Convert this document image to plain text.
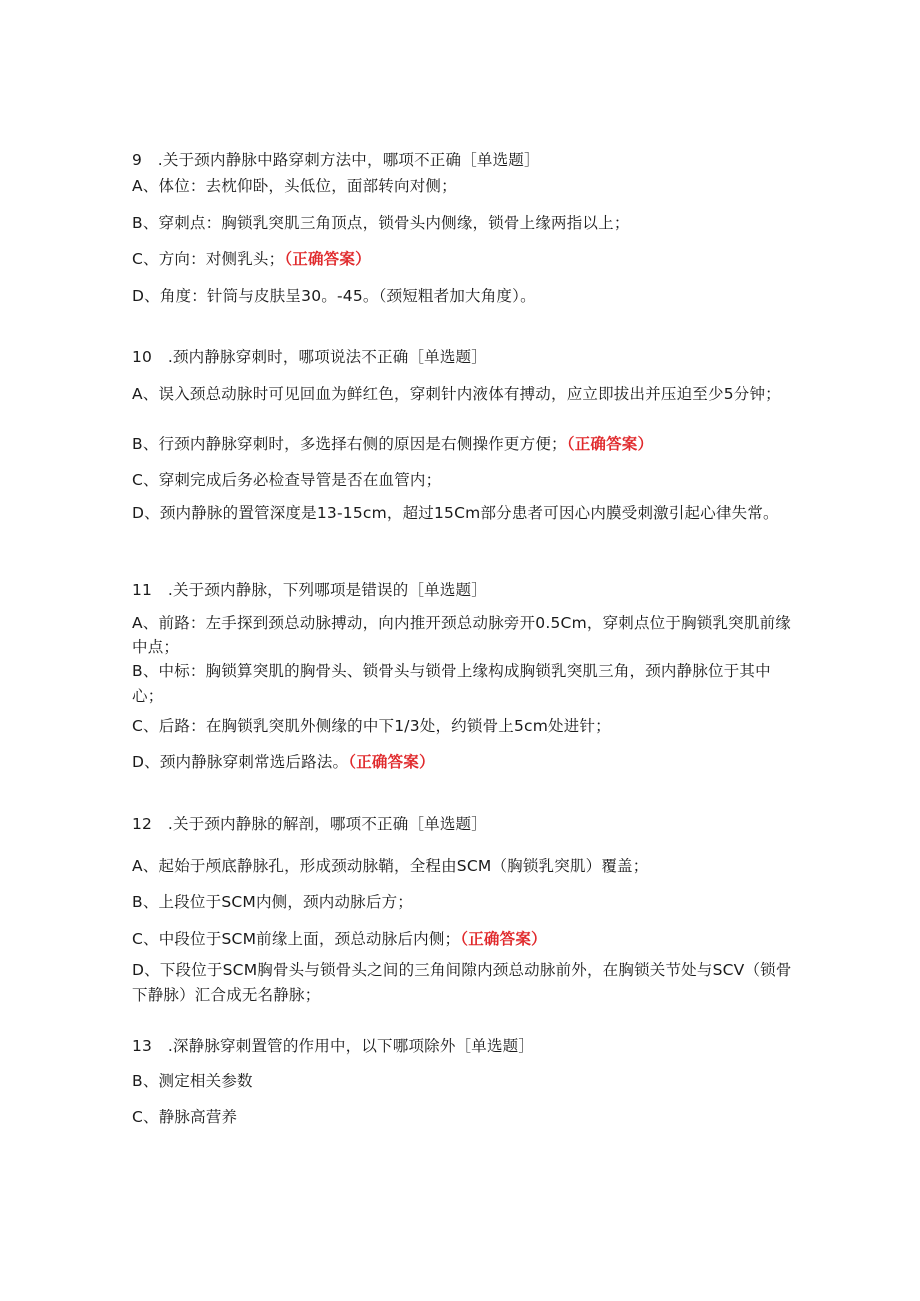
9　.关于颈内静脉中路穿刺方法中，哪项不正确［单选题］
A、体位：去枕仰卧，头低位，面部转向对侧；
B、穿刺点：胸锁乳突肌三角顶点，锁骨头内侧缘，锁骨上缘两指以上；
C、方向：对侧乳头；（正确答案）
D、角度：针筒与皮肤呈30。-45。（颈短粗者加大角度）。
10　.颈内静脉穿刺时，哪项说法不正确［单选题］
A、误入颈总动脉时可见回血为鲜红色，穿刺针内液体有搏动，应立即拔出并压迫至少5分钟；
B、行颈内静脉穿刺时，多选择右侧的原因是右侧操作更方便；（正确答案）
C、穿刺完成后务必检查导管是否在血管内；
D、颈内静脉的置管深度是13-15cm，超过15Cm部分患者可因心内膜受刺激引起心律失常。
11　.关于颈内静脉，下列哪项是错误的［单选题］
A、前路：左手探到颈总动脉搏动，向内推开颈总动脉旁开0.5Cm，穿刺点位于胸锁乳突肌前缘中点；
B、中标：胸锁算突肌的胸骨头、锁骨头与锁骨上缘构成胸锁乳突肌三角，颈内静脉位于其中心；
C、后路：在胸锁乳突肌外侧缘的中下1/3处，约锁骨上5cm处进针；
D、颈内静脉穿刺常选后路法。（正确答案）
12　.关于颈内静脉的解剖，哪项不正确［单选题］
A、起始于颅底静脉孔，形成颈动脉鞘，全程由SCM（胸锁乳突肌）覆盖；
B、上段位于SCM内侧，颈内动脉后方；
C、中段位于SCM前缘上面，颈总动脉后内侧；（正确答案）
D、下段位于SCM胸骨头与锁骨头之间的三角间隙内颈总动脉前外，在胸锁关节处与SCV（锁骨下静脉）汇合成无名静脉；
13　.深静脉穿刺置管的作用中，以下哪项除外［单选题］
B、测定相关参数
C、静脉高营养
